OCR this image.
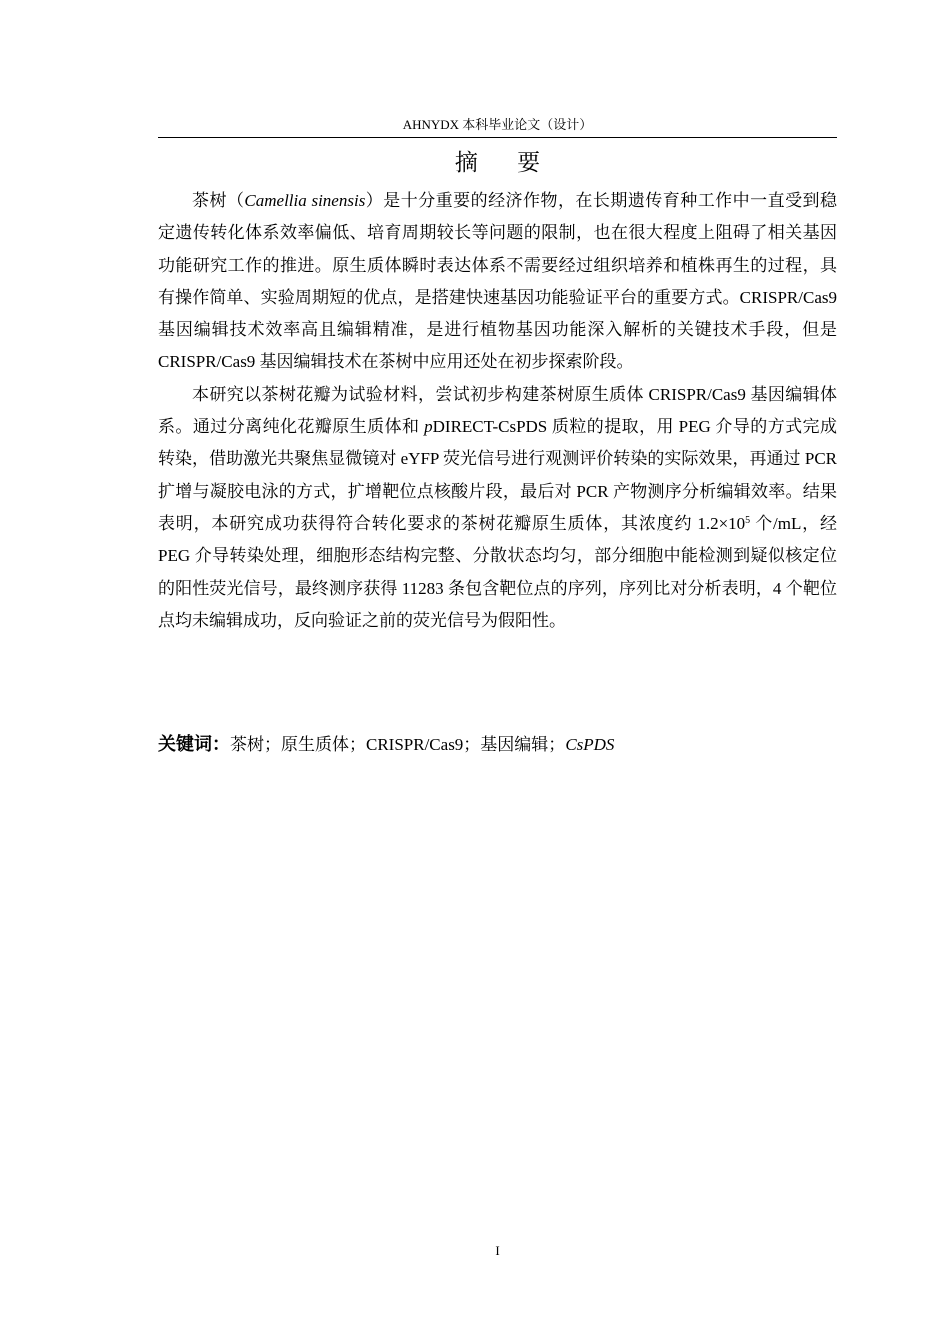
AHNYDX 本科毕业论文（设计）
摘 要

茶树（Camellia sinensis）是十分重要的经济作物，在长期遗传育种工作中一直受到稳定遗传转化体系效率偏低、培育周期较长等问题的限制，也在很大程度上阻碍了相关基因功能研究工作的推进。原生质体瞬时表达体系不需要经过组织培养和植株再生的过程，具有操作简单、实验周期短的优点，是搭建快速基因功能验证平台的重要方式。CRISPR/Cas9 基因编辑技术效率高且编辑精准，是进行植物基因功能深入解析的关键技术手段，但是 CRISPR/Cas9 基因编辑技术在茶树中应用还处在初步探索阶段。

本研究以茶树花瓣为试验材料，尝试初步构建茶树原生质体 CRISPR/Cas9 基因编辑体系。通过分离纯化花瓣原生质体和 pDIRECT-CsPDS 质粒的提取，用 PEG 介导的方式完成转染，借助激光共聚焦显微镜对 eYFP 荧光信号进行观测评价转染的实际效果，再通过 PCR 扩增与凝胶电泳的方式，扩增靶位点核酸片段，最后对 PCR 产物测序分析编辑效率。结果表明，本研究成功获得符合转化要求的茶树花瓣原生质体，其浓度约 $1.2\times 10^5$ 个/mL，经 PEG 介导转染处理，细胞形态结构完整、分散状态均匀，部分细胞中能检测到疑似核定位的阳性荧光信号，最终测序获得 11283 条包含靶位点的序列，序列比对分析表明，4 个靶位点均未编辑成功，反向验证之前的荧光信号为假阳性。

关键词：茶树；原生质体；CRISPR/Cas9；基因编辑；CsPDS
I
